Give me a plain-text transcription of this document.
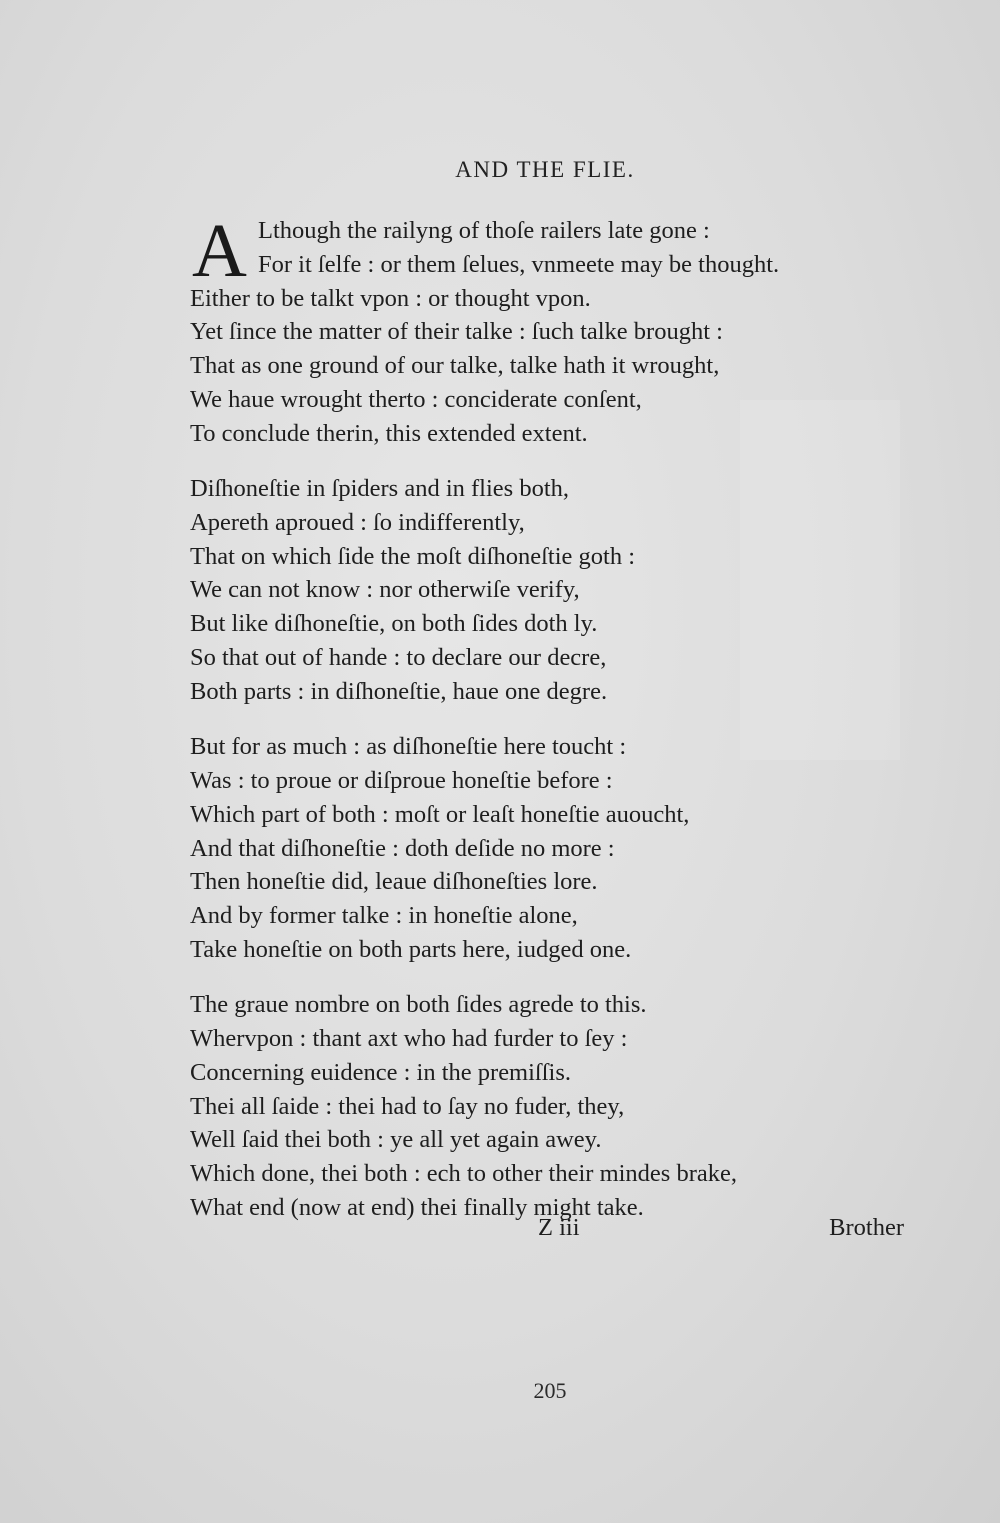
AND THE FLIE.
A Lthough the railyng of thoſe railers late gone :
For it ſelfe : or them ſelues, vnmeete may be thought.
Either to be talkt vpon : or thought vpon.
Yet ſince the matter of their talke : ſuch talke brought :
That as one ground of our talke, talke hath it wrought,
We haue wrought therto : conciderate conſent,
To conclude therin, this extended extent.
Diſhoneſtie in ſpiders and in flies both,
Apereth aproued : ſo indifferently,
That on which ſide the moſt diſhoneſtie goth :
We can not know : nor otherwiſe verify,
But like diſhoneſtie, on both ſides doth ly.
So that out of hande : to declare our decre,
Both parts : in diſhoneſtie, haue one degre.
But for as much : as diſhoneſtie here toucht :
Was : to proue or diſproue honeſtie before :
Which part of both : moſt or leaſt honeſtie auoucht,
And that diſhoneſtie : doth deſide no more :
Then honeſtie did, leaue diſhoneſties lore.
And by former talke : in honeſtie alone,
Take honeſtie on both parts here, iudged one.
The graue nombre on both ſides agrede to this.
Whervpon : thant axt who had furder to ſey :
Concerning euidence : in the premiſſis.
Thei all ſaide : thei had to ſay no fuder, they,
Well ſaid thei both : ye all yet again awey.
Which done, thei both : ech to other their mindes brake,
What end (now at end) thei finally might take.
Z iii	Brother
205
